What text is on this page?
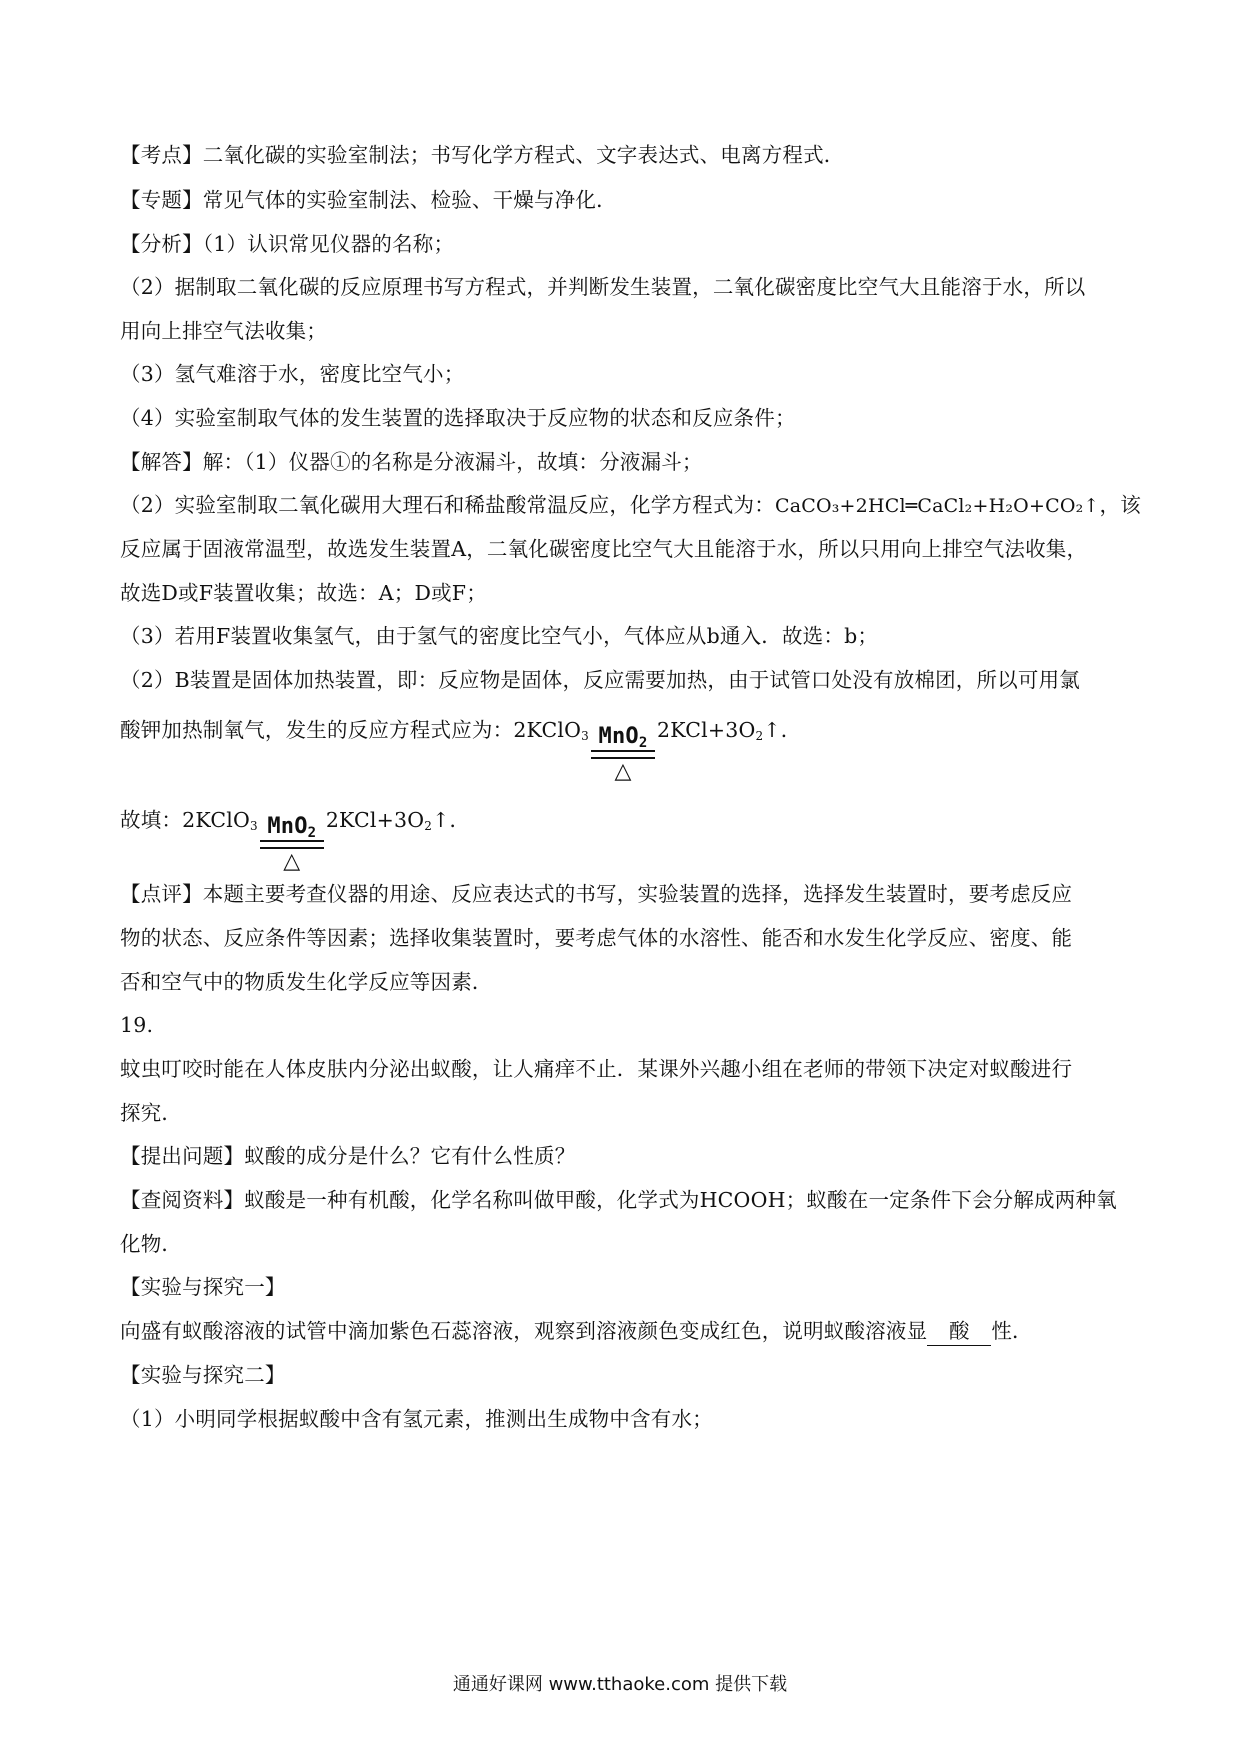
【考点】二氧化碳的实验室制法；书写化学方程式、文字表达式、电离方程式．
【专题】常见气体的实验室制法、检验、干燥与净化．
【分析】（1）认识常见仪器的名称；
（2）据制取二氧化碳的反应原理书写方程式，并判断发生装置，二氧化碳密度比空气大且能溶于水，所以
用向上排空气法收集；
（3）氢气难溶于水，密度比空气小；
（4）实验室制取气体的发生装置的选择取决于反应物的状态和反应条件；
【解答】解：（1）仪器①的名称是分液漏斗，故填：分液漏斗；
（2）实验室制取二氧化碳用大理石和稀盐酸常温反应，化学方程式为：CaCO₃+2HCl═CaCl₂+H₂O+CO₂↑，该
反应属于固液常温型，故选发生装置A，二氧化碳密度比空气大且能溶于水，所以只用向上排空气法收集，
故选D或F装置收集；故选：A；D或F；
（3）若用F装置收集氢气，由于氢气的密度比空气小，气体应从b通入．故选：b；
（2）B装置是固体加热装置，即：反应物是固体，反应需要加热，由于试管口处没有放棉团，所以可用氯
酸钾加热制氧气，发生的反应方程式应为：2KClO$_3$ MnO$_2$
△
$2KCl+3O_2↑$．
故填：2KClO$_3$ MnO$_2$
△
$2KCl+3O_2↑$．
【点评】本题主要考查仪器的用途、反应表达式的书写，实验装置的选择，选择发生装置时，要考虑反应
物的状态、反应条件等因素；选择收集装置时，要考虑气体的水溶性、能否和水发生化学反应、密度、能
否和空气中的物质发生化学反应等因素．
19.
蚊虫叮咬时能在人体皮肤内分泌出蚁酸，让人痛痒不止．某课外兴趣小组在老师的带领下决定对蚁酸进行
探究．
【提出问题】蚁酸的成分是什么？它有什么性质？
【查阅资料】蚁酸是一种有机酸，化学名称叫做甲酸，化学式为HCOOH；蚁酸在一定条件下会分解成两种氧
化物．
【实验与探究一】
向盛有蚁酸溶液的试管中滴加紫色石蕊溶液，观察到溶液颜色变成红色，说明蚁酸溶液显 酸 性．
【实验与探究二】
（1）小明同学根据蚁酸中含有氢元素，推测出生成物中含有水；
通通好课网 www.tthaoke.com 提供下载
